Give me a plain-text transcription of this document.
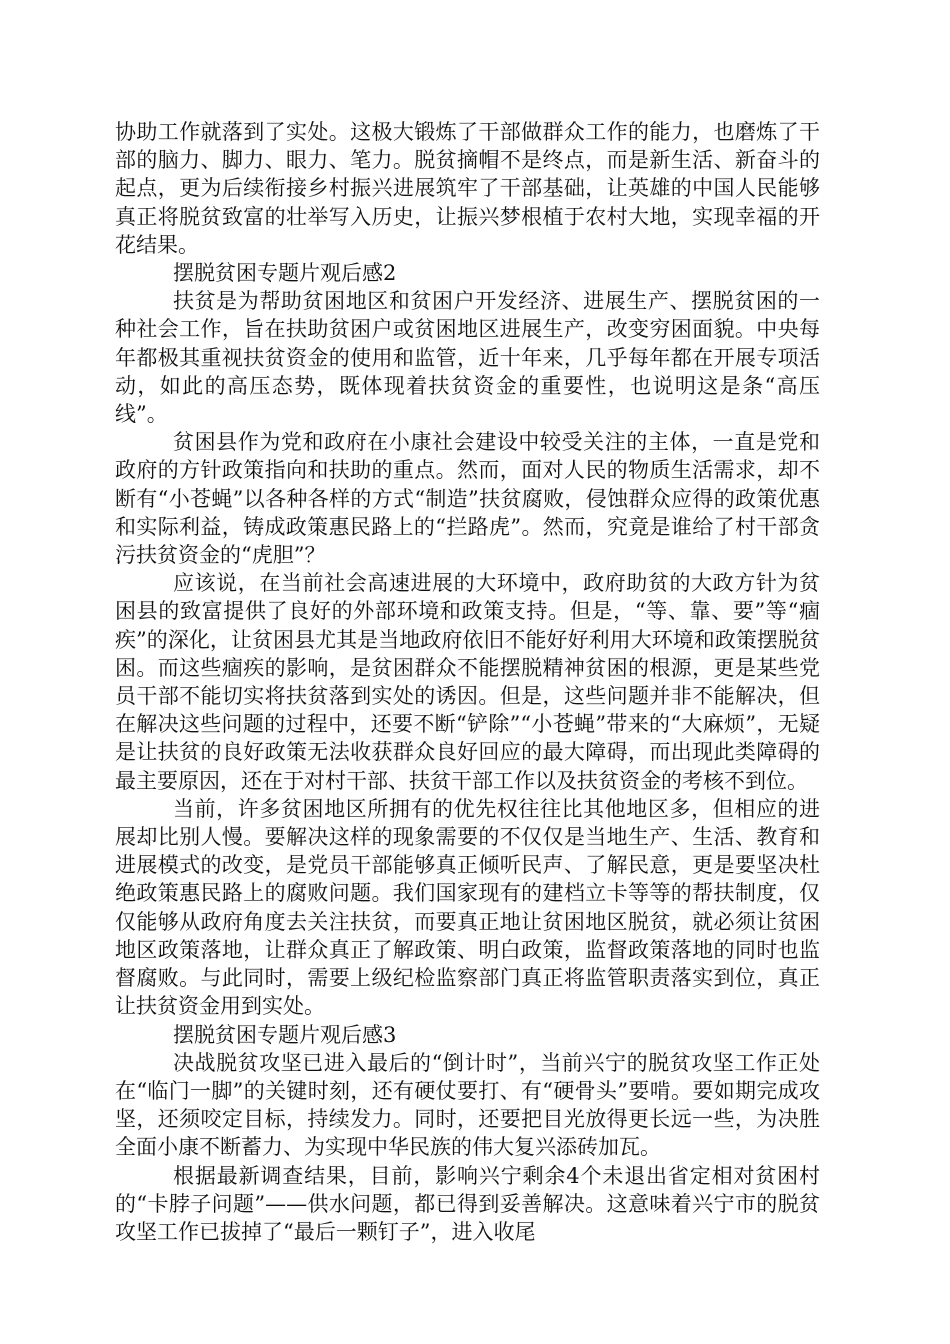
协助工作就落到了实处。这极大锻炼了干部做群众工作的能力，也磨炼了干部的脑力、脚力、眼力、笔力。脱贫摘帽不是终点，而是新生活、新奋斗的起点，更为后续衔接乡村振兴进展筑牢了干部基础，让英雄的中国人民能够真正将脱贫致富的壮举写入历史，让振兴梦根植于农村大地，实现幸福的开花结果。

摆脱贫困专题片观后感2

扶贫是为帮助贫困地区和贫困户开发经济、进展生产、摆脱贫困的一种社会工作，旨在扶助贫困户或贫困地区进展生产，改变穷困面貌。中央每年都极其重视扶贫资金的使用和监管，近十年来，几乎每年都在开展专项活动，如此的高压态势，既体现着扶贫资金的重要性，也说明这是条“高压线”。

贫困县作为党和政府在小康社会建设中较受关注的主体，一直是党和政府的方针政策指向和扶助的重点。然而，面对人民的物质生活需求，却不断有“小苍蝇”以各种各样的方式“制造”扶贫腐败，侵蚀群众应得的政策优惠和实际利益，铸成政策惠民路上的“拦路虎”。然而，究竟是谁给了村干部贪污扶贫资金的“虎胆”？

应该说，在当前社会高速进展的大环境中，政府助贫的大政方针为贫困县的致富提供了良好的外部环境和政策支持。但是，“等、靠、要”等“痼疾”的深化，让贫困县尤其是当地政府依旧不能好好利用大环境和政策摆脱贫困。而这些痼疾的影响，是贫困群众不能摆脱精神贫困的根源，更是某些党员干部不能切实将扶贫落到实处的诱因。但是，这些问题并非不能解决，但在解决这些问题的过程中，还要不断“铲除”“小苍蝇”带来的“大麻烦”，无疑是让扶贫的良好政策无法收获群众良好回应的最大障碍，而出现此类障碍的最主要原因，还在于对村干部、扶贫干部工作以及扶贫资金的考核不到位。

当前，许多贫困地区所拥有的优先权往往比其他地区多，但相应的进展却比别人慢。要解决这样的现象需要的不仅仅是当地生产、生活、教育和进展模式的改变，是党员干部能够真正倾听民声、了解民意，更是要坚决杜绝政策惠民路上的腐败问题。我们国家现有的建档立卡等等的帮扶制度，仅仅能够从政府角度去关注扶贫，而要真正地让贫困地区脱贫，就必须让贫困地区政策落地，让群众真正了解政策、明白政策，监督政策落地的同时也监督腐败。与此同时，需要上级纪检监察部门真正将监管职责落实到位，真正让扶贫资金用到实处。

摆脱贫困专题片观后感3

决战脱贫攻坚已进入最后的“倒计时”，当前兴宁的脱贫攻坚工作正处在“临门一脚”的关键时刻，还有硬仗要打、有“硬骨头”要啃。要如期完成攻坚，还须咬定目标，持续发力。同时，还要把目光放得更长远一些，为决胜全面小康不断蓄力、为实现中华民族的伟大复兴添砖加瓦。

根据最新调查结果，目前，影响兴宁剩余4个未退出省定相对贫困村的“卡脖子问题”——供水问题，都已得到妥善解决。这意味着兴宁市的脱贫攻坚工作已拔掉了“最后一颗钉子”，进入收尾
